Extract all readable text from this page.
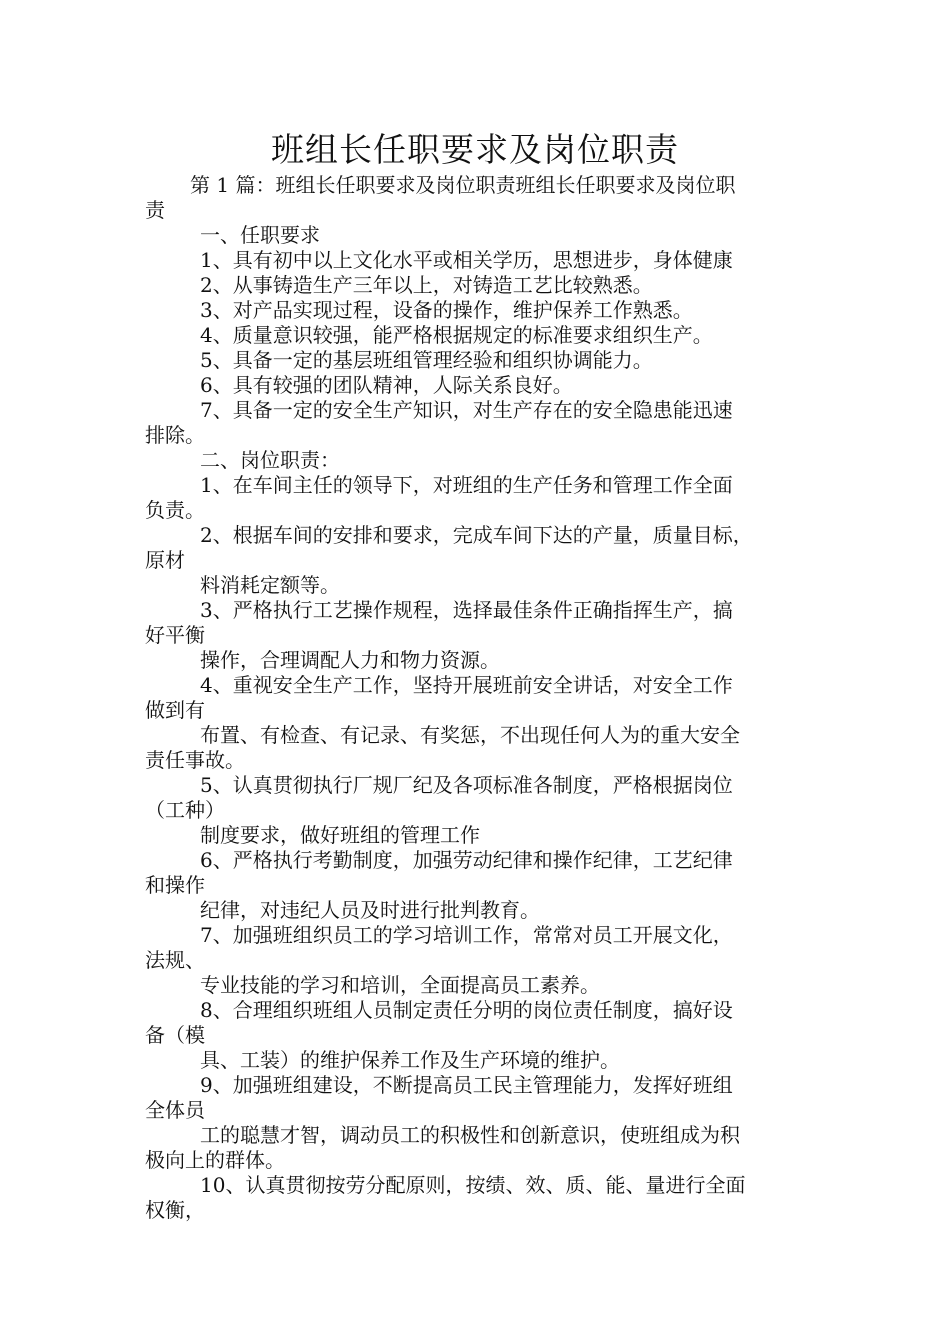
班组长任职要求及岗位职责
第 1 篇：班组长任职要求及岗位职责班组长任职要求及岗位职
责
一、任职要求
1、具有初中以上文化水平或相关学历，思想进步，身体健康
2、从事铸造生产三年以上，对铸造工艺比较熟悉。
3、对产品实现过程，设备的操作，维护保养工作熟悉。
4、质量意识较强，能严格根据规定的标准要求组织生产。
5、具备一定的基层班组管理经验和组织协调能力。
6、具有较强的团队精神，人际关系良好。
7、具备一定的安全生产知识，对生产存在的安全隐患能迅速
排除。
二、岗位职责：
1、在车间主任的领导下，对班组的生产任务和管理工作全面
负责。
2、根据车间的安排和要求，完成车间下达的产量，质量目标，
原材
料消耗定额等。
3、严格执行工艺操作规程，选择最佳条件正确指挥生产，搞
好平衡
操作，合理调配人力和物力资源。
4、重视安全生产工作，坚持开展班前安全讲话，对安全工作
做到有
布置、有检查、有记录、有奖惩，不出现任何人为的重大安全
责任事故。
5、认真贯彻执行厂规厂纪及各项标准各制度，严格根据岗位
（工种）
制度要求，做好班组的管理工作
6、严格执行考勤制度，加强劳动纪律和操作纪律，工艺纪律
和操作
纪律，对违纪人员及时进行批判教育。
7、加强班组织员工的学习培训工作，常常对员工开展文化，
法规、
专业技能的学习和培训，全面提高员工素养。
8、合理组织班组人员制定责任分明的岗位责任制度，搞好设
备（模
具、工装）的维护保养工作及生产环境的维护。
9、加强班组建设，不断提高员工民主管理能力，发挥好班组
全体员
工的聪慧才智，调动员工的积极性和创新意识，使班组成为积
极向上的群体。
10、认真贯彻按劳分配原则，按绩、效、质、能、量进行全面
权衡，
